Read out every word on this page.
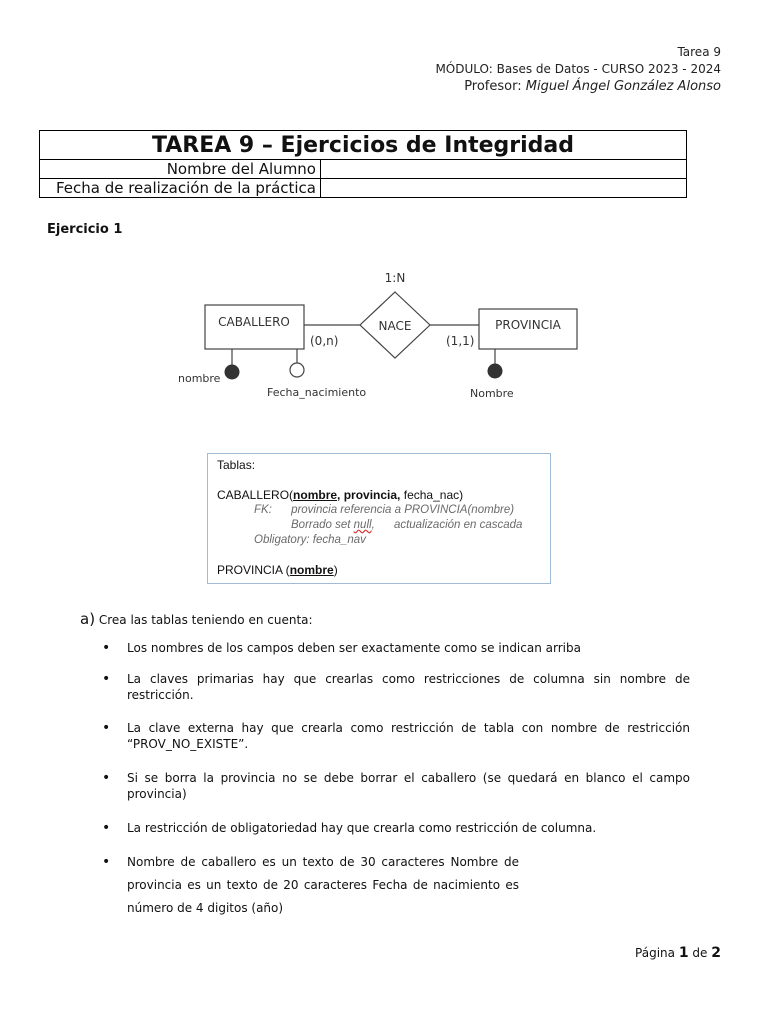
Tarea 9
MÓDULO: Bases de Datos - CURSO 2023 - 2024
Profesor: Miguel Ángel González Alonso
TAREA 9 – Ejercicios de Integridad	
Nombre del Alumno	
Fecha de realización de la práctica	
Ejercicio 1
CABALLERO	NACE
1:N
PROVINCIA
(0,n)	(1,1)
nombre
Fecha_nacimiento	Nombre
Tablas:
CABALLERO(nombre, provincia, fecha_nac)
FK: provincia referencia a PROVINCIA(nombre)
Borrado set null, actualización en cascada
Obligatory: fecha_nav
PROVINCIA (nombre)
a) Crea las tablas teniendo en cuenta:
• Los nombres de los campos deben ser exactamente como se indican arriba
• La claves primarias hay que crearlas como restricciones de columna sin nombre de restricción.
• La clave externa hay que crearla como restricción de tabla con nombre de restricción “PROV_NO_EXISTE”.
• Si se borra la provincia no se debe borrar el caballero (se quedará en blanco el campo provincia)
• La restricción de obligatoriedad hay que crearla como restricción de columna.
• Nombre de caballero es un texto de 30 caracteres Nombre de provincia es un texto de 20 caracteres Fecha de nacimiento es número de 4 digitos (año)
Página 1 de 2
